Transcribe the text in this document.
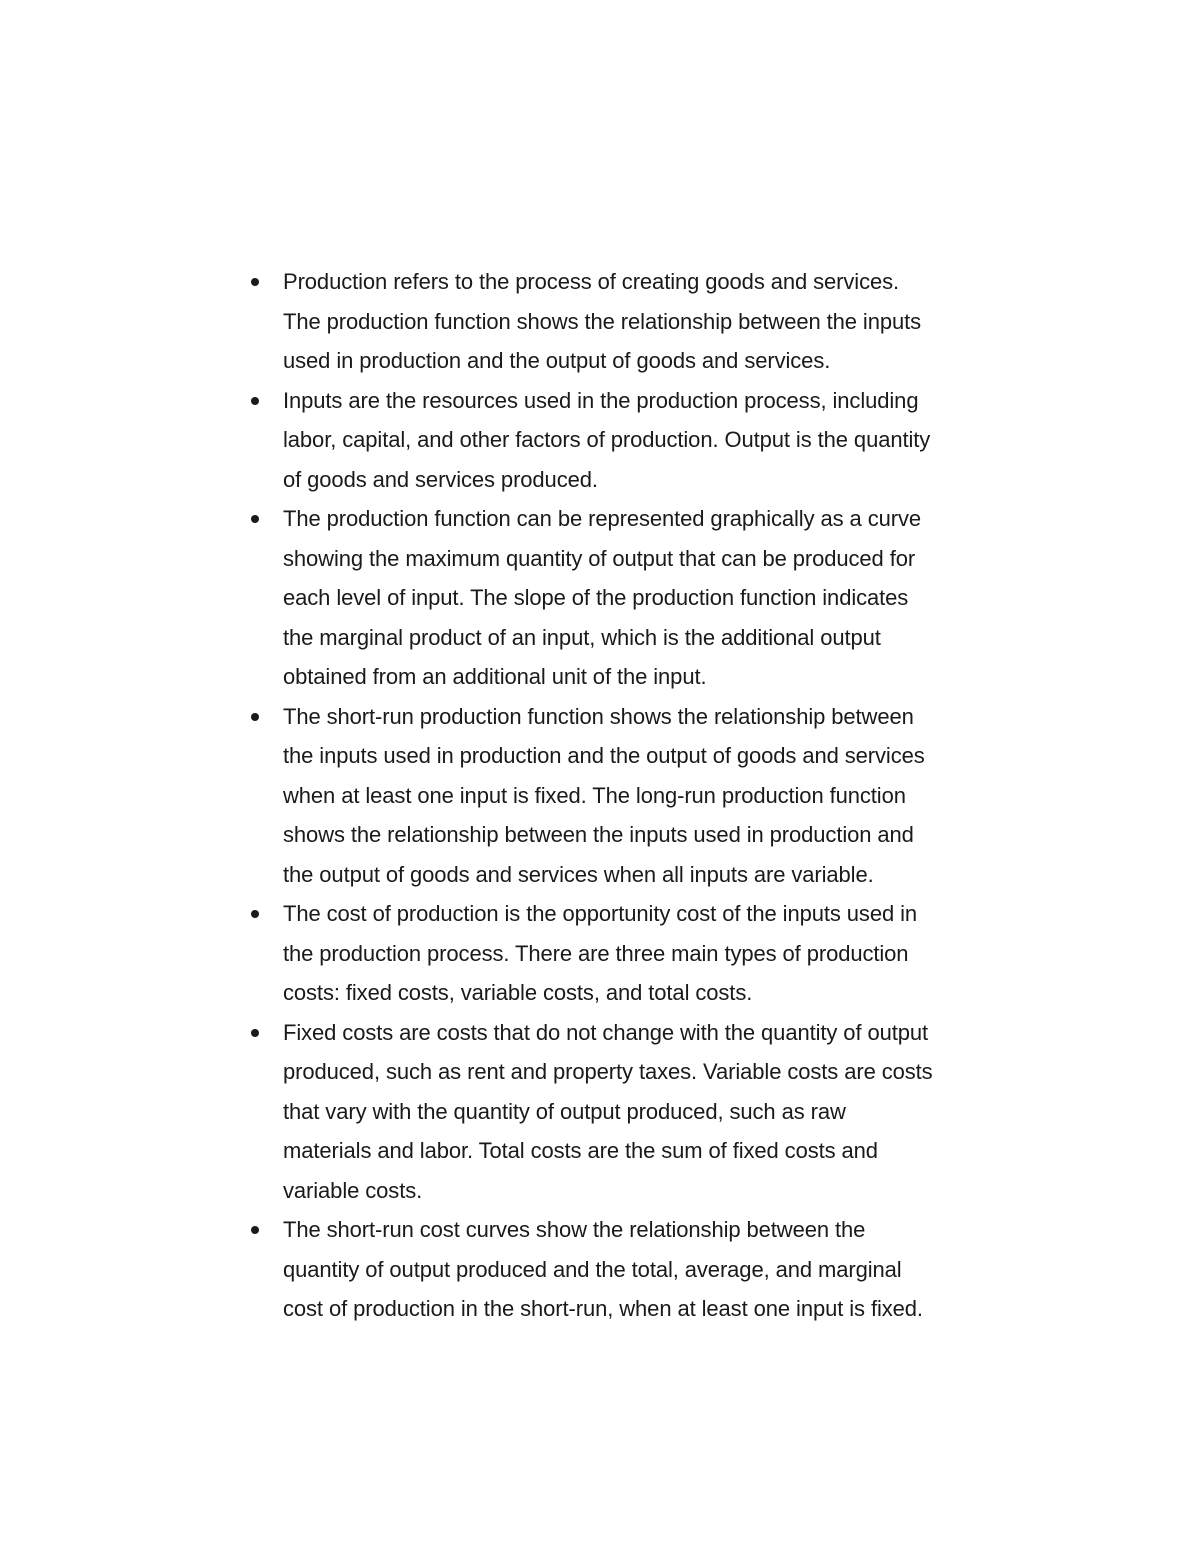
Production refers to the process of creating goods and services.
The production function shows the relationship between the inputs
used in production and the output of goods and services.
Inputs are the resources used in the production process, including
labor, capital, and other factors of production. Output is the quantity
of goods and services produced.
The production function can be represented graphically as a curve
showing the maximum quantity of output that can be produced for
each level of input. The slope of the production function indicates
the marginal product of an input, which is the additional output
obtained from an additional unit of the input.
The short-run production function shows the relationship between
the inputs used in production and the output of goods and services
when at least one input is fixed. The long-run production function
shows the relationship between the inputs used in production and
the output of goods and services when all inputs are variable.
The cost of production is the opportunity cost of the inputs used in
the production process. There are three main types of production
costs: fixed costs, variable costs, and total costs.
Fixed costs are costs that do not change with the quantity of output
produced, such as rent and property taxes. Variable costs are costs
that vary with the quantity of output produced, such as raw
materials and labor. Total costs are the sum of fixed costs and
variable costs.
The short-run cost curves show the relationship between the
quantity of output produced and the total, average, and marginal
cost of production in the short-run, when at least one input is fixed.
